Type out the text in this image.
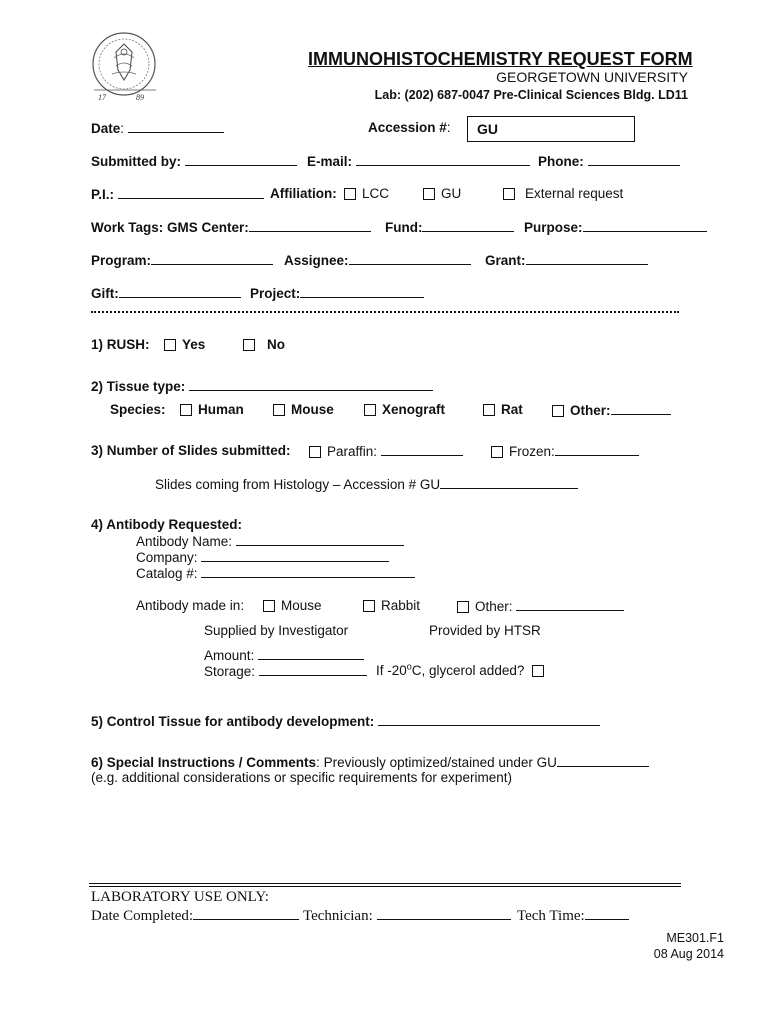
17	89
IMMUNOHISTOCHEMISTRY REQUEST FORM
GEORGETOWN UNIVERSITY
Lab: (202) 687-0047 Pre-Clinical Sciences Bldg. LD11
Date:	Accession #:	GU
Submitted by:	E-mail:	Phone:
P.I.:	Affiliation:	LCC	GU	External request
Work Tags: GMS Center:	Fund:	Purpose:
Program:	Assignee:	Grant:
Gift:	Project:
1) RUSH:	Yes	No
2) Tissue type:
Species:	Human	Mouse	Xenograft	Rat	Other:
3) Number of Slides submitted:	Paraffin:	Frozen:
Slides coming from Histology – Accession # GU
4) Antibody Requested:
Antibody Name:
Company:
Catalog #:
Antibody made in:	Mouse	Rabbit	Other:
Supplied by Investigator	Provided by HTSR
Amount:
Storage:	If -20$^o$C, glycerol added?
5) Control Tissue for antibody development:
6) Special Instructions / Comments: Previously optimized/stained under GU
(e.g. additional considerations or specific requirements for experiment)
LABORATORY USE ONLY:
Date Completed:	Technician:	Tech Time:
ME301.F1
08 Aug 2014
